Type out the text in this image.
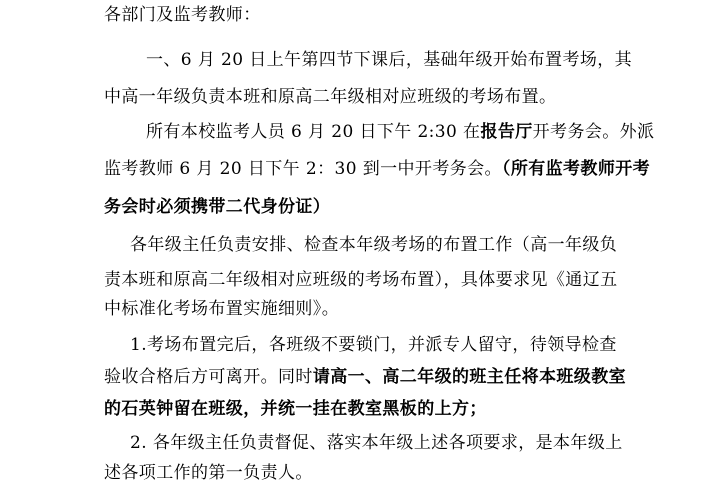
各部门及监考教师：
一、6 月 20 日上午第四节下课后，基础年级开始布置考场，其
中高一年级负责本班和原高二年级相对应班级的考场布置。
所有本校监考人员 6 月 20 日下午 2:30 在报告厅开考务会。外派
监考教师 6 月 20 日下午 2：30 到一中开考务会。（所有监考教师开考
务会时必须携带二代身份证）
各年级主任负责安排、检查本年级考场的布置工作（高一年级负
责本班和原高二年级相对应班级的考场布置），具体要求见《通辽五
中标准化考场布置实施细则》。
1.考场布置完后，各班级不要锁门，并派专人留守，待领导检查
验收合格后方可离开。同时请高一、高二年级的班主任将本班级教室
的石英钟留在班级，并统一挂在教室黑板的上方；
2. 各年级主任负责督促、落实本年级上述各项要求，是本年级上
述各项工作的第一负责人。
